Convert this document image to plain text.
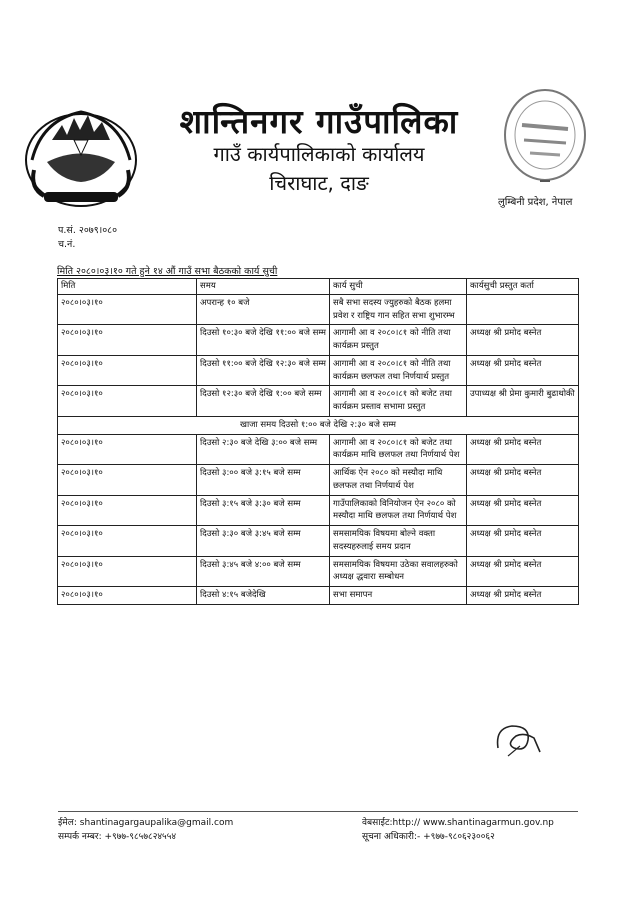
शान्तिनगर गाउँपालिका
गाउँ कार्यपालिकाको कार्यालय
चिराघाट, दाङ
लुम्बिनी प्रदेश, नेपाल
प.सं. २०७९।०८०
च.नं.
मिति २०८०।०३।१० गते हुने १४ औं गाउँ सभा बैठकको कार्य सुची
मिति	समय	कार्य सुची	कार्यसुची प्रस्तुत कर्ता
२०८०।०३।१०	अपरान्ह १० बजे	सबै सभा सदस्य ज्युहरुको बैठक हलमा प्रवेश र राष्ट्रिय गान सहित सभा शुभारम्भ	
२०८०।०३।१०	दिउसो १०:३० बजे देखि ११:०० बजे सम्म	आगामी आ व २०८०।८१ को नीति तथा कार्यक्रम प्रस्तुत	अध्यक्ष श्री प्रमोद बस्नेत
२०८०।०३।१०	दिउसो ११:०० बजे देखि १२:३० बजे सम्म	आगामी आ व २०८०।८१ को नीति तथा कार्यक्रम छलफल तथा निर्णयार्थ प्रस्तुत	अध्यक्ष श्री प्रमोद बस्नेत
२०८०।०३।१०	दिउसो १२:३० बजे देखि १:०० बजे सम्म	आगामी आ व २०८०।८१ को बजेट तथा कार्यक्रम प्रस्ताव सभामा प्रस्तुत	उपाध्यक्ष श्री प्रेमा कुमारी बुढाथोकी
खाजा समय दिउसो १:०० बजे देखि २:३० बजे सम्म			
२०८०।०३।१०	दिउसो २:३० बजे देखि ३:०० बजे सम्म	आगामी आ व २०८०।८१ को बजेट तथा कार्यक्रम माथि छलफल तथा निर्णयार्थ पेश	अध्यक्ष श्री प्रमोद बस्नेत
२०८०।०३।१०	दिउसो ३:०० बजे ३:१५ बजे सम्म	आर्थिक ऐन २०८० को मस्यौदा माथि छलफल तथा निर्णयार्थ पेश	अध्यक्ष श्री प्रमोद बस्नेत
२०८०।०३।१०	दिउसो ३:१५ बजे ३:३० बजे सम्म	गाउँपालिकाको विनियोजन ऐन २०८० को मस्यौदा माथि छलफल तथा निर्णयार्थ पेश	अध्यक्ष श्री प्रमोद बस्नेत
२०८०।०३।१०	दिउसो ३:३० बजे ३:४५ बजे सम्म	समसामयिक विषयमा बोल्ने वक्ता सदस्यहरुलाई समय प्रदान	अध्यक्ष श्री प्रमोद बस्नेत
२०८०।०३।१०	दिउसो ३:४५ बजे ४:०० बजे सम्म	समसामयिक विषयमा उठेका सवालहरुको अध्यक्ष द्धवारा सम्बोधन	अध्यक्ष श्री प्रमोद बस्नेत
२०८०।०३।१०	दिउसो ४:१५ बजेदेखि	सभा समापन	अध्यक्ष श्री प्रमोद बस्नेत
ईमेल: shantinagargaupalika@gmail.com
सम्पर्क नम्बर: +९७७-९८५७८२४५५४
वेबसाईट:http:// www.shantinagarmun.gov.np
सूचना अधिकारी:- +९७७-९८०६२३००६२
